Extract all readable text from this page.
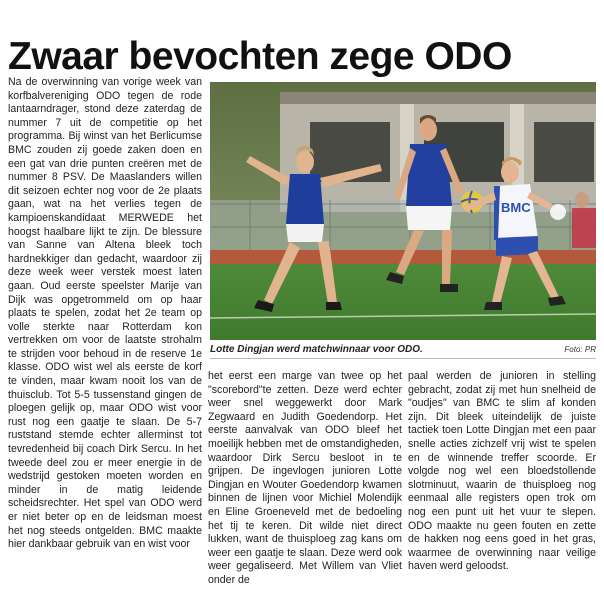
Zwaar bevochten zege ODO

Na de overwinning van vorige week van korfbalvereniging ODO tegen de rode lantaarndrager, stond deze zaterdag de nummer 7 uit de competitie op het programma. Bij winst van het Berlicumse BMC zouden zij goede zaken doen en een gat van drie punten creëren met de nummer 8 PSV. De Maaslanders willen dit seizoen echter nog voor de 2e plaats gaan, wat na het verlies tegen de kampioenskandidaat MERWEDE het hoogst haalbare lijkt te zijn. De blessure van Sanne van Altena bleek toch hardnekkiger dan gedacht, waardoor zij deze week weer verstek moest laten gaan. Oud eerste speelster Marije van Dijk was opgetrommeld om op haar plaats te spelen, zodat het 2e team op volle sterkte naar Rotterdam kon vertrekken om voor de laatste strohalm te strijden voor behoud in de reserve 1e klasse. ODO wist wel als eerste de korf te vinden, maar kwam nooit los van de thuisclub. Tot 5-5 tussenstand gingen de ploegen gelijk op, maar ODO wist voor rust nog een gaatje te slaan. De 5-7 ruststand stemde echter allerminst tot tevredenheid bij coach Dirk Sercu. In het tweede deel zou er meer energie in de wedstrijd gestoken moeten worden en minder in de matig leidende scheidsrechter. Het spel van ODO werd er niet beter op en de leidsman moest het nog steeds ontgelden. BMC maakte hier dankbaar gebruik van en wist voor

BMC
Lotte Dingjan werd matchwinnaar voor ODO.	Foto: PR

het eerst een marge van twee op het "scorebord"te zetten. Deze werd echter weer snel weggewerkt door Mark Zegwaard en Judith Goedendorp. Het eerste aanvalvak van ODO bleef het moeilijk hebben met de omstandigheden, waardoor Dirk Sercu besloot in te grijpen. De ingevlogen junioren Lotte Dingjan en Wouter Goedendorp kwamen binnen de lijnen voor Michiel Molendijk en Eline Groeneveld met de bedoeling het tij te keren. Dit wilde niet direct lukken, want de thuisploeg zag kans om weer een gaatje te slaan. Deze werd ook weer gegaliseerd. Met Willem van Vliet onder de

paal werden de junioren in stelling gebracht, zodat zij met hun snelheid de "oudjes" van BMC te slim af konden zijn. Dit bleek uiteindelijk de juiste tactiek toen Lotte Dingjan met een paar snelle acties zichzelf vrij wist te spelen en de winnende treffer scoorde. Er volgde nog wel een bloedstollende slotminuut, waarin de thuisploeg nog eenmaal alle registers open trok om nog een punt uit het vuur te slepen. ODO maakte nu geen fouten en zette de hakken nog eens goed in het gras, waarmee de overwinning naar veilige haven werd geloodst.
